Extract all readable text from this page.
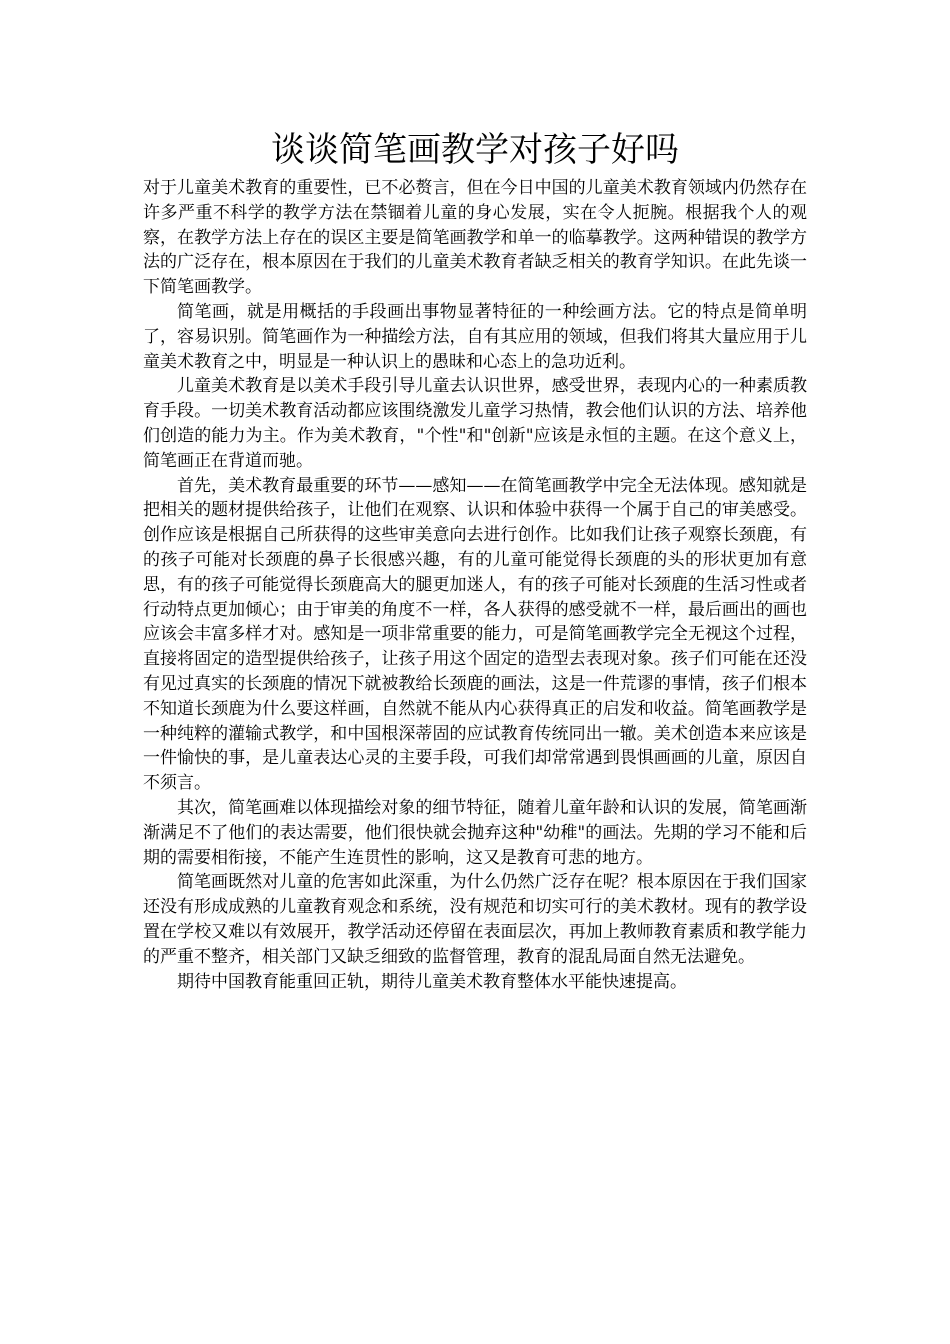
谈谈简笔画教学对孩子好吗

对于儿童美术教育的重要性，已不必赘言，但在今日中国的儿童美术教育领域内仍然存在许多严重不科学的教学方法在禁锢着儿童的身心发展，实在令人扼腕。根据我个人的观察，在教学方法上存在的误区主要是简笔画教学和单一的临摹教学。这两种错误的教学方法的广泛存在，根本原因在于我们的儿童美术教育者缺乏相关的教育学知识。在此先谈一下简笔画教学。

简笔画，就是用概括的手段画出事物显著特征的一种绘画方法。它的特点是简单明了，容易识别。简笔画作为一种描绘方法，自有其应用的领域，但我们将其大量应用于儿童美术教育之中，明显是一种认识上的愚昧和心态上的急功近利。

儿童美术教育是以美术手段引导儿童去认识世界，感受世界，表现内心的一种素质教育手段。一切美术教育活动都应该围绕激发儿童学习热情，教会他们认识的方法、培养他们创造的能力为主。作为美术教育，"个性"和"创新"应该是永恒的主题。在这个意义上，简笔画正在背道而驰。

首先，美术教育最重要的环节——感知——在简笔画教学中完全无法体现。感知就是把相关的题材提供给孩子，让他们在观察、认识和体验中获得一个属于自己的审美感受。创作应该是根据自己所获得的这些审美意向去进行创作。比如我们让孩子观察长颈鹿，有的孩子可能对长颈鹿的鼻子长很感兴趣，有的儿童可能觉得长颈鹿的头的形状更加有意思，有的孩子可能觉得长颈鹿高大的腿更加迷人，有的孩子可能对长颈鹿的生活习性或者行动特点更加倾心；由于审美的角度不一样，各人获得的感受就不一样，最后画出的画也应该会丰富多样才对。感知是一项非常重要的能力，可是简笔画教学完全无视这个过程，直接将固定的造型提供给孩子，让孩子用这个固定的造型去表现对象。孩子们可能在还没有见过真实的长颈鹿的情况下就被教给长颈鹿的画法，这是一件荒谬的事情，孩子们根本不知道长颈鹿为什么要这样画，自然就不能从内心获得真正的启发和收益。简笔画教学是一种纯粹的灌输式教学，和中国根深蒂固的应试教育传统同出一辙。美术创造本来应该是一件愉快的事，是儿童表达心灵的主要手段，可我们却常常遇到畏惧画画的儿童，原因自不须言。

其次，简笔画难以体现描绘对象的细节特征，随着儿童年龄和认识的发展，简笔画渐渐满足不了他们的表达需要，他们很快就会抛弃这种"幼稚"的画法。先期的学习不能和后期的需要相衔接，不能产生连贯性的影响，这又是教育可悲的地方。

简笔画既然对儿童的危害如此深重，为什么仍然广泛存在呢？根本原因在于我们国家还没有形成成熟的儿童教育观念和系统，没有规范和切实可行的美术教材。现有的教学设置在学校又难以有效展开，教学活动还停留在表面层次，再加上教师教育素质和教学能力的严重不整齐，相关部门又缺乏细致的监督管理，教育的混乱局面自然无法避免。

期待中国教育能重回正轨，期待儿童美术教育整体水平能快速提高。
